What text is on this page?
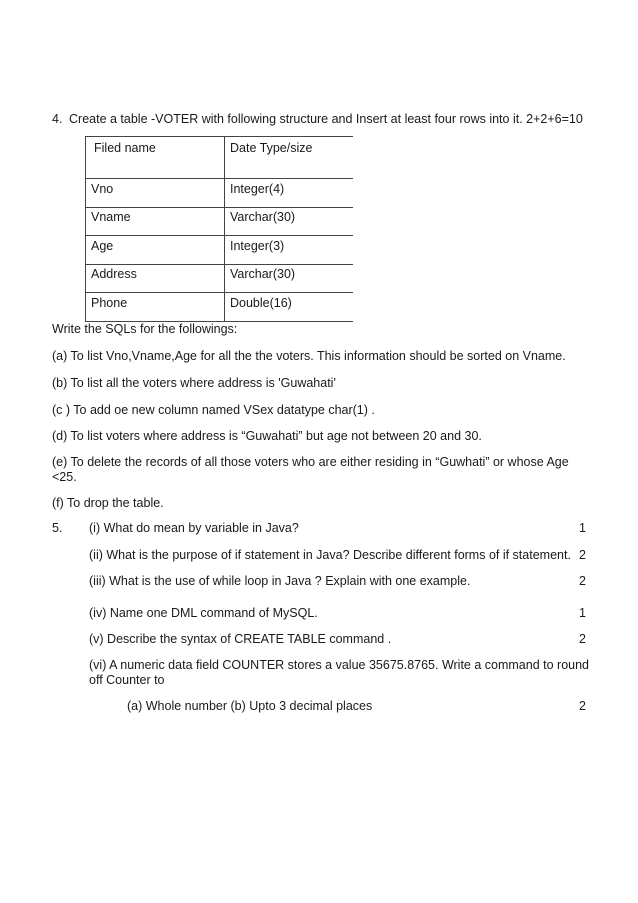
4. Create a table -VOTER with following structure and Insert at least four rows into it. 2+2+6=10
Filed name	Date Type/size
Vno	Integer(4)
Vname	Varchar(30)
Age	Integer(3)
Address	Varchar(30)
Phone	Double(16)
Write the SQLs for the followings:
(a) To list Vno,Vname,Age for all the the voters. This information should be sorted on Vname.
(b) To list all the voters where address is 'Guwahati'
(c ) To add oe new column named VSex datatype char(1) .
(d) To list voters where address is “Guwahati” but age not between 20 and 30.
(e) To delete the records of all those voters who are either residing in “Guwhati” or whose Age
<25.
(f) To drop the table.
5. (i) What do mean by variable in Java?	1
(ii) What is the purpose of if statement in Java? Describe different forms of if statement. 2
(iii) What is the use of while loop in Java ? Explain with one example.	2
(iv) Name one DML command of MySQL.	1
(v) Describe the syntax of CREATE TABLE command .	2
(vi) A numeric data field COUNTER stores a value 35675.8765. Write a command to round
off Counter to
(a) Whole number (b) Upto 3 decimal places	2
